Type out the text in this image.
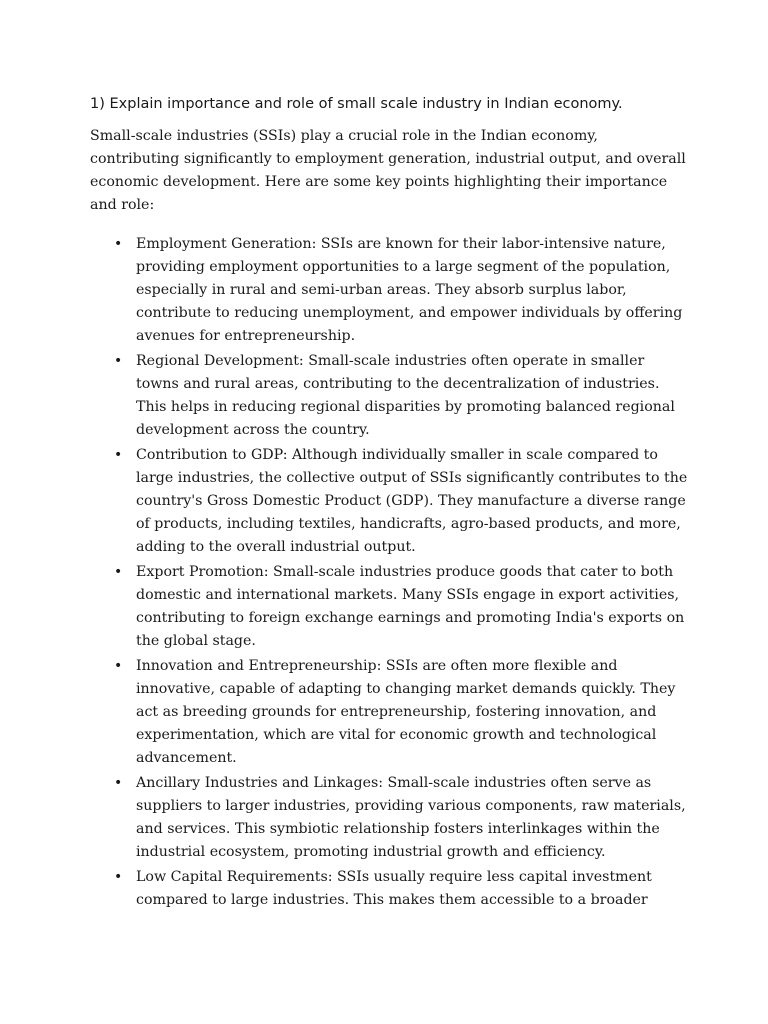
1) Explain importance and role of small scale industry in Indian economy.

Small-scale industries (SSIs) play a crucial role in the Indian economy, contributing significantly to employment generation, industrial output, and overall economic development. Here are some key points highlighting their importance and role:

• Employment Generation: SSIs are known for their labor-intensive nature, providing employment opportunities to a large segment of the population, especially in rural and semi-urban areas. They absorb surplus labor, contribute to reducing unemployment, and empower individuals by offering avenues for entrepreneurship.
• Regional Development: Small-scale industries often operate in smaller towns and rural areas, contributing to the decentralization of industries. This helps in reducing regional disparities by promoting balanced regional development across the country.
• Contribution to GDP: Although individually smaller in scale compared to large industries, the collective output of SSIs significantly contributes to the country's Gross Domestic Product (GDP). They manufacture a diverse range of products, including textiles, handicrafts, agro-based products, and more, adding to the overall industrial output.
• Export Promotion: Small-scale industries produce goods that cater to both domestic and international markets. Many SSIs engage in export activities, contributing to foreign exchange earnings and promoting India's exports on the global stage.
• Innovation and Entrepreneurship: SSIs are often more flexible and innovative, capable of adapting to changing market demands quickly. They act as breeding grounds for entrepreneurship, fostering innovation, and experimentation, which are vital for economic growth and technological advancement.
• Ancillary Industries and Linkages: Small-scale industries often serve as suppliers to larger industries, providing various components, raw materials, and services. This symbiotic relationship fosters interlinkages within the industrial ecosystem, promoting industrial growth and efficiency.
• Low Capital Requirements: SSIs usually require less capital investment compared to large industries. This makes them accessible to a broader
